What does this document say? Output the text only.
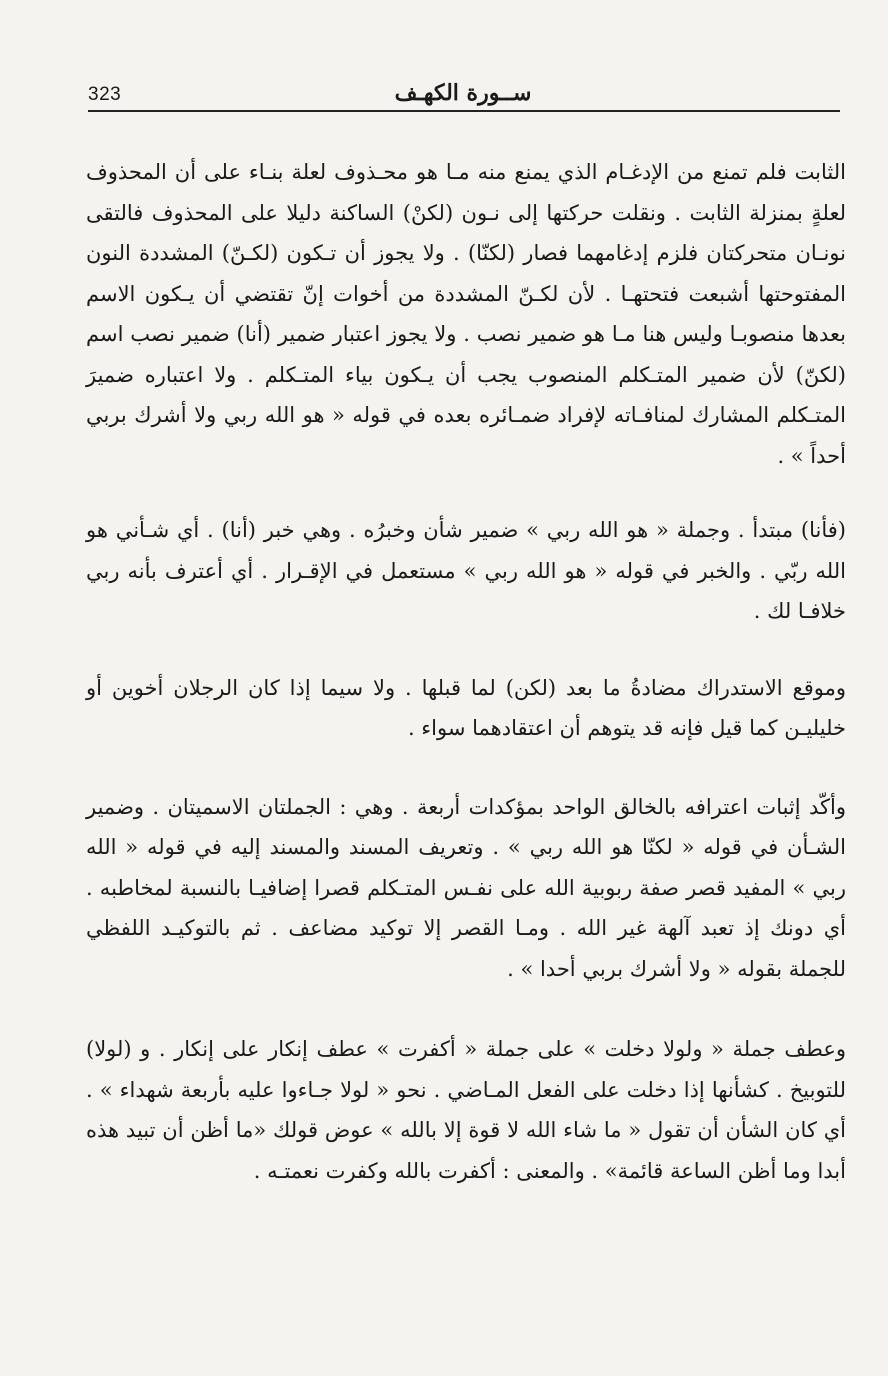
323	ســورة الكهـف

الثابت فلم تمنع من الإدغـام الذي يمنع منه مـا هو محـذوف لعلة بنـاء على أن المحذوف لعلةٍ بمنزلة الثابت . ونقلت حركتها إلى نـون (لكنْ) الساكنة دليلا على المحذوف فالتقى نونـان متحركتان فلزم إدغامهما فصار (لكنّا) . ولا يجوز أن تـكون (لكـنّ) المشددة النون المفتوحتها أشبعت فتحتهـا . لأن لكـنّ المشددة من أخوات إنّ تقتضي أن يـكون الاسم بعدها منصوبـا وليس هنا مـا هو ضمير نصب . ولا يجوز اعتبار ضمير (أنا) ضمير نصب اسم (لكنّ) لأن ضمير المتـكلم المنصوب يجب أن يـكون بياء المتـكلم . ولا اعتباره ضميرَ المتـكلم المشارك لمنافـاته لإفراد ضمـائره بعده في قوله « هو الله ربي ولا أشرك بربي أحداً » .

(فأنا) مبتدأ . وجملة « هو الله ربي » ضمير شأن وخبرُه . وهي خبر (أنا) . أي شـأني هو الله ربّي . والخبر في قوله « هو الله ربي » مستعمل في الإقـرار . أي أعترف بأنه ربي خلافـا لك .

وموقع الاستدراك مضادةُ ما بعد (لكن) لما قبلها . ولا سيما إذا كان الرجلان أخوين أو خليليـن كما قيل فإنه قد يتوهم أن اعتقادهما سواء .

وأكّد إثبات اعترافه بالخالق الواحد بمؤكدات أربعة . وهي : الجملتان الاسميتان . وضمير الشـأن في قوله « لكنّا هو الله ربي » . وتعريف المسند والمسند إليه في قوله « الله ربي » المفيد قصر صفة ربوبية الله على نفـس المتـكلم قصرا إضافيـا بالنسبة لمخاطبه . أي دونك إذ تعبد آلهة غير الله . ومـا القصر إلا توكيد مضاعف . ثم بالتوكيـد اللفظي للجملة بقوله « ولا أشرك بربي أحدا » .

وعطف جملة « ولولا دخلت » على جملة « أكفرت » عطف إنكار على إنكار . و (لولا) للتوبيخ . كشأنها إذا دخلت على الفعل المـاضي . نحو « لولا جـاءوا عليه بأربعة شهداء » . أي كان الشأن أن تقول « ما شاء الله لا قوة إلا بالله » عوض قولك «ما أظن أن تبيد هذه أبدا وما أظن الساعة قائمة» . والمعنى : أكفرت بالله وكفرت نعمتـه .
